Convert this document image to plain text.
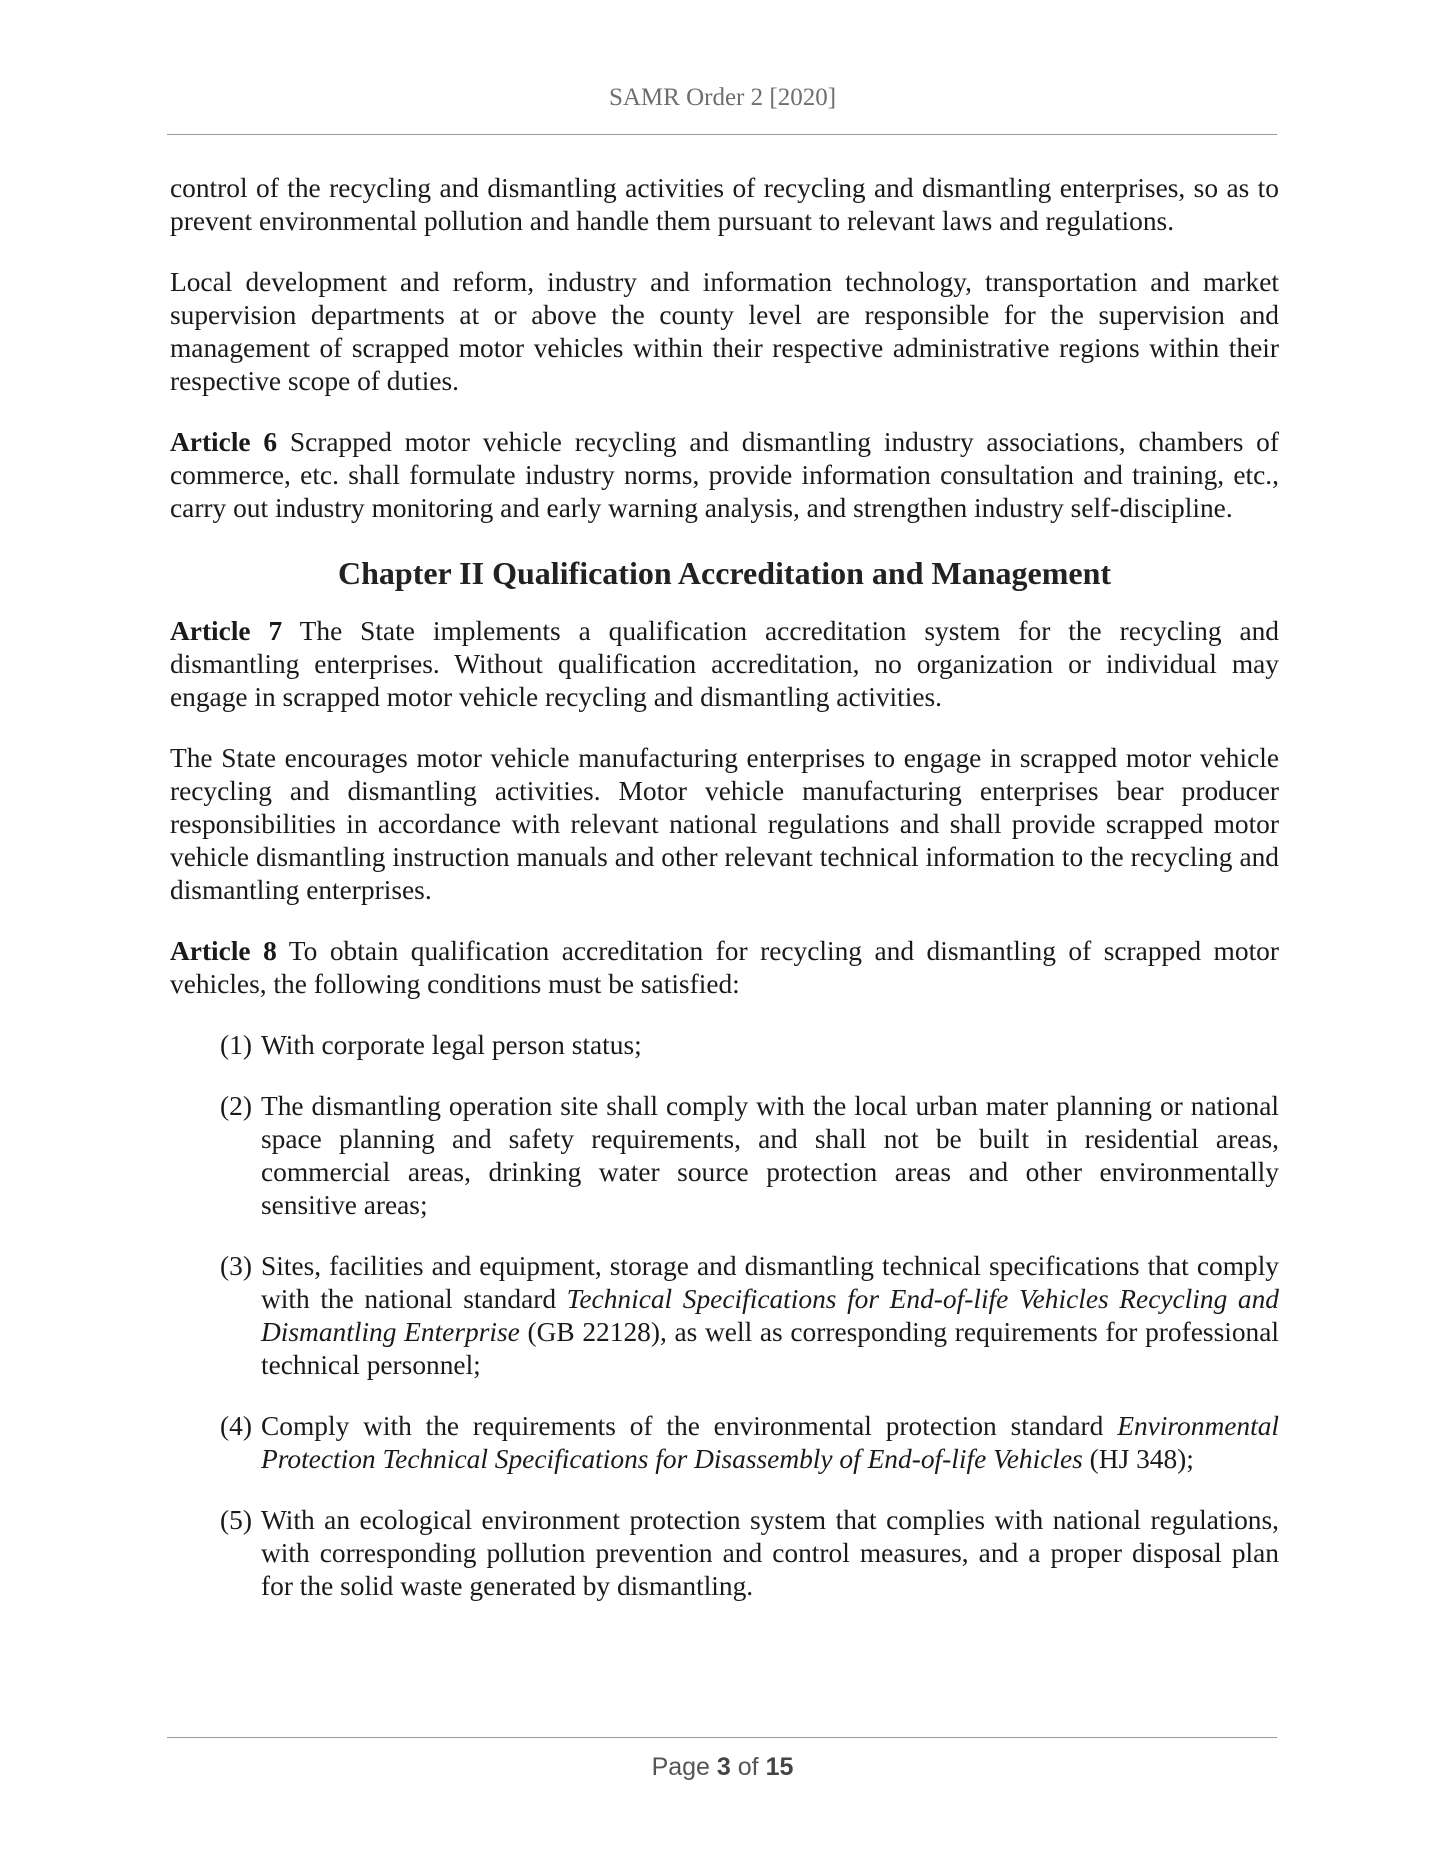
SAMR Order 2 [2020]

control of the recycling and dismantling activities of recycling and dismantling enterprises, so as to prevent environmental pollution and handle them pursuant to relevant laws and regulations.

Local development and reform, industry and information technology, transportation and market supervision departments at or above the county level are responsible for the supervision and management of scrapped motor vehicles within their respective administrative regions within their respective scope of duties.

Article 6 Scrapped motor vehicle recycling and dismantling industry associations, chambers of commerce, etc. shall formulate industry norms, provide information consultation and training, etc., carry out industry monitoring and early warning analysis, and strengthen industry self-discipline.

Chapter II Qualification Accreditation and Management

Article 7 The State implements a qualification accreditation system for the recycling and dismantling enterprises. Without qualification accreditation, no organization or individual may engage in scrapped motor vehicle recycling and dismantling activities.

The State encourages motor vehicle manufacturing enterprises to engage in scrapped motor vehicle recycling and dismantling activities. Motor vehicle manufacturing enterprises bear producer responsibilities in accordance with relevant national regulations and shall provide scrapped motor vehicle dismantling instruction manuals and other relevant technical information to the recycling and dismantling enterprises.

Article 8 To obtain qualification accreditation for recycling and dismantling of scrapped motor vehicles, the following conditions must be satisfied:

(1) With corporate legal person status;
(2) The dismantling operation site shall comply with the local urban mater planning or national space planning and safety requirements, and shall not be built in residential areas, commercial areas, drinking water source protection areas and other environmentally sensitive areas;
(3) Sites, facilities and equipment, storage and dismantling technical specifications that comply with the national standard Technical Specifications for End-of-life Vehicles Recycling and Dismantling Enterprise (GB 22128), as well as corresponding requirements for professional technical personnel;
(4) Comply with the requirements of the environmental protection standard Environmental Protection Technical Specifications for Disassembly of End-of-life Vehicles (HJ 348);
(5) With an ecological environment protection system that complies with national regulations, with corresponding pollution prevention and control measures, and a proper disposal plan for the solid waste generated by dismantling.
Page 3 of 15
